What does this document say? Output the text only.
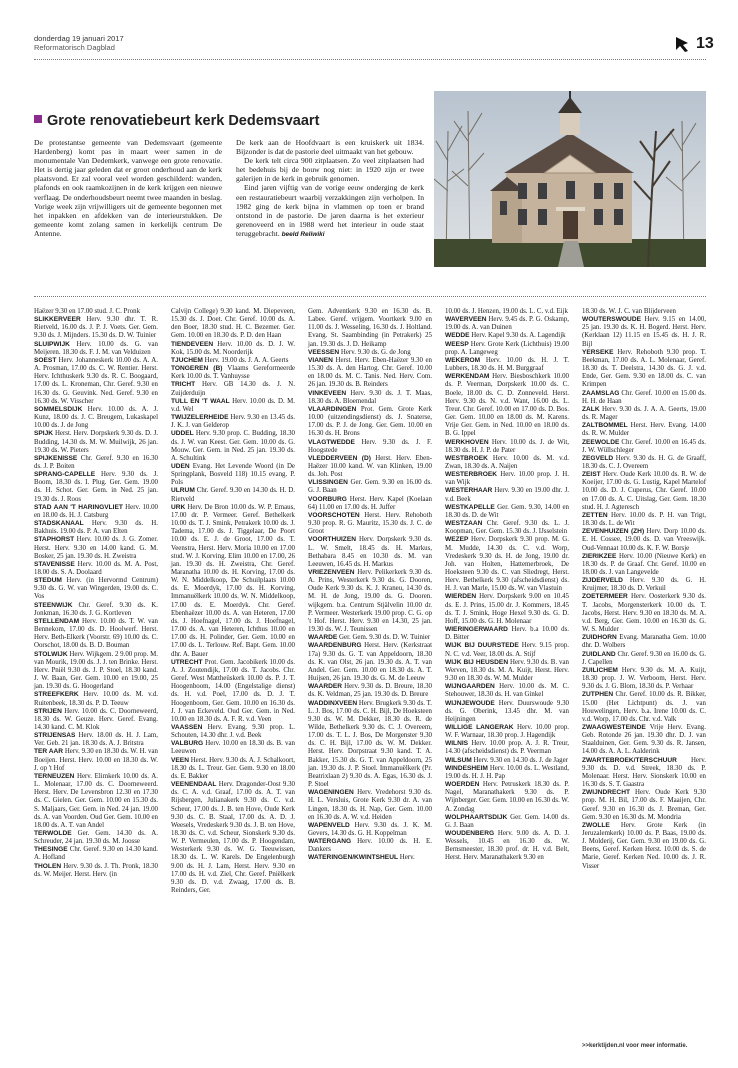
donderdag 19 januari 2017
Reformatorisch Dagblad	13
Grote renovatiebeurt kerk Dedemsvaart

De protestantse gemeente van Dedemsvaart (gemeente Hardenberg) komt pas in maart weer samen in de monumentale Van Dedemkerk, vanwege een grote renovatie. Het is dertig jaar geleden dat er groot onderhoud aan de kerk plaatsvond. Er zal vooral veel worden geschilderd: wanden, plafonds en ook raamkozijnen in de kerk krijgen een nieuwe verflaag. De onderhoudsbeurt neemt twee maanden in beslag. Vorige week zijn vrijwilligers uit de gemeente begonnen met het inpakken en afdekken van de interieurstukken. De gemeente komt zolang samen in kerkelijk centrum De Antenne.

De kerk aan de Hoofdvaart is een kruiskerk uit 1834. Bijzonder is dat de pastorie deel uitmaakt van het gebouw.

De kerk telt circa 900 zitplaatsen. Zo veel zitplaatsen had het bedehuis bij de bouw nog niet: in 1920 zijn er twee galerijen in de kerk in gebruik genomen.

Eind jaren vijftig van de vorige eeuw onderging de kerk een restauratiebeurt waarbij verzakkingen zijn verholpen. In 1982 ging de kerk bijna in vlammen op toen er brand ontstond in de pastorie. De jaren daarna is het exterieur gerenoveerd en in 1988 werd het interieur in oude staat teruggebracht. beeld Reliwiki

Haëzer 9.30 en 17.00 stud. J. C. Pronk

SLIKKERVEER Herv. 9.30 dhr. T. R. Rietveld, 16.00 ds. J. P. J. Voets. Ger. Gem. 9.30 ds. J. Mijnders. 15.30 ds. D. W. Tuinier

SLUIPWIJK Herv. 10.00 ds. G. van Meijeren. 18.30 ds. F. J. M. van Velduizen

SOEST Herv. Johanneskerk 10.00 ds. A. A. A. Prosman, 17.00 ds. C. W. Rentier. Herst. Herv. Ichthuskerk 9.30 ds. R. C. Boogaard, 17.00 ds. L. Kroneman, Chr. Geref. 9.30 en 16.30 ds. G. Geuvink. Ned. Geref. 9.30 en 16.30 ds. W. Visscher

SOMMELSDIJK Herv. 10.00 ds. A. J. Kunz, 18.00 ds. J. C. Breugem, Lukaskapel 10.00 ds. J. de Jong

SPIJK Herst. Herv. Dorpskerk 9.30 ds. D. J. Budding, 14.30 ds. M. W. Muilwijk, 26 jan. 19.30 ds. W. Pieters

SPIJKENISSE Chr. Geref. 9.30 en 16.30 ds. J. P. Boiten

SPRANG-CAPELLE Herv. 9.30 ds. J. Boom, 18.30 ds. I. Plug. Ger. Gem. 19.00 ds. H. Schot. Ger. Gem. in Ned. 25 jan. 19.30 ds. J. Roos

STAD AAN 'T HARINGVLIET Herv. 10.00 en 18.00 ds. H. J. Catsburg

STADSKANAAL Herv. 9.30 ds. H. Bakhuis. 19.00 ds. P. A. van Elten

STAPHORST Herv. 10.00 ds. J. G. Zomer. Herst. Herv. 9.30 en 14.00 kand. G. M. Bosker, 25 jan. 19.30 ds. H. Zweistra

STAVENISSE Herv. 10.00 ds. M. A. Post, 18.00 ds. S. A. Doolaard

STEDUM Herv. (in Hervormd Centrum) 9.30 ds. G. W. van Wingerden, 19.00 ds. C. Vos

STEENWIJK Chr. Geref. 9.30 ds. K. Jonkman, 16.30 ds. J. G. Kortleven

STELLENDAM Herv. 10.00 ds. T. W. van Bennekom, 17.00 ds. D. Hoolwerf. Herst. Herv. Beth-Elkerk (Voorstr. 69) 10.00 ds. C. Oorschot, 18.00 ds. B. D. Bouman

STOLWIJK Herv. Wijkgem. 2 9.00 prop. M. van Mourik, 19.00 ds. J. J. ten Brinke. Herst. Herv. Pniël 9.30 ds. J. P. Stoel, 18.30 kand. J. W. Baan, Ger. Gem. 10.00 en 19.00, 25 jan. 19.30 ds. G. Hoogerland

STREEFKERK Herv. 10.00 ds. M. v.d. Ruitenbeek, 18.30 ds. P. D. Teeuw

STRIJEN Herv. 10.00 ds. C. Doorneweerd, 18.30 ds. W. Geuze. Herv. Geref. Evang. 14.30 kand. C. M. Klok

STRIJENSAS Herv. 18.00 ds. H. J. Lam, Ver. Geb. 21 jan. 18.30 ds. A. J. Britstra

TER AAR Herv. 9.30 en 18.30 ds. W. H. van Boeijen. Herst. Herv. 10.00 en 18.30 ds. W. J. op 't Hof

TERNEUZEN Herv. Elimkerk 10.00 ds. A. L. Molenaar, 17.00 ds. C. Doorneweerd. Herst. Herv. De Levensbron 12.30 en 17.30 ds. C. Gielen. Ger. Gem. 10.00 en 15.30 ds. S. Maljaars, Ger. Gem. in Ned. 24 jan. 19.00 ds. A. van Voorden. Oud Ger. Gem. 10.00 en 18.00 ds. A. T. van Andel

TERWOLDE Ger. Gem. 14.30 ds. A. Schreuder, 24 jan. 19.30 ds. M. Joosse

THESINGE Chr. Geref. 9.30 en 14.30 kand. A. Hofland

THOLEN Herv. 9.30 ds. J. Th. Pronk, 18.30 ds. W. Meijer. Herst. Herv. (in

Calvijn College) 9.30 kand. M. Diepeveen, 15.30 ds. J. Doet. Chr. Geref. 10.00 ds. A. den Boer, 18.30 stud. H. C. Bezemer. Ger. Gem. 10.00 en 18.30 ds. P. D. den Haan

TIENDEVEEN Herv. 10.00 ds. D. J. W. Kok, 15.00 ds. M. Noorderijk

TJUCHEM Herv. 19.00 ds. J. A. A. Geerts

TONGEREN (B) Vlaams Gereformeerde Kerk 10.00 ds. T. Vanhuysse

TRICHT Herv. GB 14.30 ds. J. N. Zuijderduijn

TULL EN 'T WAAL Herv. 10.00 ds. D. M. v.d. Wel

TWIJZELERHEIDE Herv. 9.30 en 13.45 ds. J. K. J. van Gelderop

UDDEL Herv. 9.30 prop. C. Budding, 18.30 ds. J. W. van Keest. Ger. Gem. 10.00 ds. G. Mouw. Ger. Gem. in Ned. 25 jan. 19.30 ds. A. Schultink

UDEN Evang. Het Levende Woord (in De Springplank, Bosveld 118) 10.15 evang. P. Pols

ULRUM Chr. Geref. 9.30 en 14.30 ds. H. D. Rietveld

URK Herv. De Bron 10.00 ds. W. P. Emaus, 17.00 dr. P. Vermeer. Geref. Bethelkerk 10.00 ds. T. J. Smink, Petrakerk 10.00 ds. J. Tadema, 17.00 ds. J. Tiggelaar, De Poort 10.00 ds. E. J. de Groot, 17.00 ds. T. Veenstra, Herst. Herv. Moria 10.00 en 17.00 stud. W. J. Korving. Elim 10.00 en 17.00, 26 jan. 19.30 ds. H. Zweistra, Chr. Geref. Maranatha 10.00 ds. H. Korving, 17.00 ds. W. N. Middelkoop, De Schuilplaats 10.00 ds. E. Moerdyk, 17.00 ds. H. Korving, Immanuëlkerk 10.00 ds. W. N. Middelkoop, 17.00 ds. E. Moerdyk. Chr. Geref. Ebenhaëzer 10.00 ds. A. van Heteren, 17.00 ds. J. Hoefnagel, 17.00 ds. J. Hoefnagel, 17.00 ds. A. van Heteren, Ichthus 10.00 en 17.00 ds. H. Polinder, Ger. Gem. 10.00 en 17.00 ds. L. Terlouw. Ref. Bapt. Gem. 10.00 dhr. A. Bauer

UTRECHT Prot. Gem. Jacobikerk 10.00 ds. A. J. Zoutendijk, 17.00 ds. T. Jacobs. Chr. Geref. West Mattheüskerk 10.00 ds. P. J. T. Hoogenboom, 14.00 (Engelstalige dienst) ds. H. v.d. Poel, 17.00 ds. D. J. T. Hoogenboom, Ger. Gem. 10.00 en 16.30 ds. J. J. van Eckeveld. Oud Ger. Gem. in Ned. 10.00 en 18.30 ds. A. F. R. v.d. Veen

VAASSEN Herv. Evang. 9.30 prop. L. Schouten, 14.30 dhr. J. v.d. Beek

VALBURG Herv. 10.00 en 18.30 ds. B. van Leeuwen

VEEN Herst. Herv. 9.30 ds. A. J. Schalkoort, 18.30 ds. L. Treur. Ger. Gem. 9.30 en 18.00 ds. E. Bakker

VEENENDAAL Herv. Dragonder-Oost 9.30 ds. C. A. v.d. Graaf, 17.00 ds. A. T. van Rijsbergen, Julianakerk 9.30 ds. C. v.d. Scheur, 17.00 ds. J. B. ten Hove, Oude Kerk 9.30 ds. C. B. Staal, 17.00 ds. A. D. J. Weesels, Vredeskerk 9.30 ds. J. B. ten Hove, 18.30 ds. C. v.d. Scheur, Sionskerk 9.30 ds. W. P. Vermeulen, 17.00 ds. P. Hoogendam, Westerkerk 9.30 ds. W. G. Teeuwissen, 18.30 ds. L. W. Karels. De Engelenburgh 9.00 ds. H. J. Lam, Herst. Herv. 9.30 en 17.00 ds. H. v.d. Ziel, Chr. Geref. Pniëlkerk 9.30 ds. D. v.d. Zwaag, 17.00 ds. B. Reinders, Ger.

Gem. Adventkerk 9.30 en 16.30 ds. B. Labee. Geref. vrijgem. Voortkerk 9.00 en 11.00 ds. J. Wesseling, 16.30 ds. J. Holtland. Evang. St. Saambinding (in Petrakerk) 25 jan. 19.30 ds. J. D. Heikamp

VEESSEN Herv. 9.30 ds. G. de Jong

VIANEN Herst. Herv. Eben-Haëzer 9.30 en 15.30 ds. A. den Hartog. Chr. Geref. 10.00 en 18.00 ds. M. C. Tanis. Ned. Herv. Com. 26 jan. 19.30 ds. B. Reinders

VINKEVEEN Herv. 9.30 ds. J. T. Maas, 18.30 ds. A. Bloemendal

VLAARDINGEN Prot. Gem. Grote Kerk 10.00 (uitzendingsdienst) ds. J. Snaterse, 17.00 ds. P. J. de Jong. Ger. Gem. 10.00 en 16.30 ds. H. Brons

VLAGTWEDDE Herv. 9.30 ds. J. F. Hoogstede

VLEDDERVEEN (D) Herst. Herv. Eben-Haëzer 10.00 kand. W. van Klinken, 19.00 ds. Joh. Post

VLISSINGEN Ger. Gem. 9.30 en 16.00 ds. G. J. Baan

VOORBURG Herst. Herv. Kapel (Koelaan 64) 11.00 en 17.00 ds. H. Juffer

VOORSCHOTEN Herst. Herv. Rehoboth 9.30 prop. R. G. Mauritz, 15.30 ds. J. C. de Groot

VOORTHUIZEN Herv. Dorpskerk 9.30 ds. L. W. Smelt, 18.45 ds. H. Markus, Bethabara 8.45 en 10.30 ds. M. van Leeuwen, 16.45 ds. H. Markus

VRIEZENVEEN Herv. Pelikerkerk 9.30 ds. A. Prins, Westerkerk 9.30 ds. G. Dooren, Oude Kerk 9.30 ds. K. J. Kraneu, 14.30 ds. M. H. de Jong, 19.00 ds. G. Dooren. wijkgem. b.a. Centrum Stjälvelin 10.00 dr. P. Vermeer. Westerkerk 19.00 prop. C. G. op 't Hof. Herst. Herv. 9.30 en 14.30, 25 jan. 19.30 ds. W. J. Teunissen

WAARDE Ger. Gem. 9.30 ds. D. W. Tuinier

WAARDENBURG Herst. Herv. (Kerkstraat 17a) 9.30 ds. G. T. van Appeldoorn, 18.30 ds. K. van Olst, 26 jan. 19.30 ds. A. T. van Andel. Ger. Gem. 10.00 en 18.30 ds. A. T. Huijsen, 26 jan. 19.30 ds. G. M. de Leeuw

WAARDER Herv. 9.30 ds. D. Breure, 18.30 ds. K. Veldman, 25 jan. 19.30 ds. D. Breure

WADDINXVEEN Herv. Brugkerk 9.30 ds. T. L. J. Bos, 17.00 ds. C. H. Bijl, De Hoeksteen 9.30 ds. W. M. Dekker, 18.30 ds. R. de Wilde, Bethelkerk 9.30 ds. C. J. Overeem, 17.00 ds. T. L. J. Bos, De Morgenster 9.30 ds. C. H. Bijl, 17.00 ds. W. M. Dekker. Herst. Herv. Dorpstraat 9.30 kand. T. A. Bakker, 15.30 ds. G. T. van Appeldoorn, 25 jan. 19.30 ds. J. P. Stoel. Immanuëlkerk (Pr. Beatrixlaan 2) 9.30 ds. A. Egas, 16.30 ds. J. P. Stoel

WAGENINGEN Herv. Vredehorst 9.30 ds. H. L. Versluis, Grote Kerk 9.30 dr. A. van Lingen, 18.30 ds. H. Nap, Ger. Gem. 10.00 en 16.30 ds. A. W. v.d. Heiden

WAPENVELD Herv. 9.30 ds. J. K. M. Gevers, 14.30 ds. G. H. Koppelman

WATERGANG Herv. 10.00 ds. H. E. Dankers

WATERINGEN/KWINTSHEUL Herv.

10.00 ds. J. Henzen, 19.00 ds. L. C. v.d. Eijk

WAVERVEEN Herv. 9.45 ds. P. G. Oskamp, 19.00 ds. A. van Duinen

WEDDE Herv. Kapel 9.30 ds. A. Lagendijk

WEESP Herv. Grote Kerk (Lichthuis) 19.00 prop. A. Langeweg

WEKEROM Herv. 10.00 ds. H. J. T. Lubbers, 18.30 ds. H. M. Burggraaf

WERKENDAM Herv. Biesboschkerk 10.00 ds. P. Veerman, Dorpskerk 10.00 ds. C. Boele, 18.00 ds. C. D. Zonneveld. Herst. Herv. 9.30 ds. N. v.d. Want, 16.00 ds. L. Treur. Chr. Geref. 10.00 en 17.00 ds. D. Bos. Ger. Gem. 10.00 en 18.00 ds. M. Karens. Vrije Ger. Gem. in Ned. 10.00 en 18.00 ds. B. G. Ippel

WERKHOVEN Herv. 10.00 ds. J. de Wit, 18.30 ds. H. J. P. de Pater

WESTBROEK Herv. 10.00 ds. M. v.d. Zwan, 18.30 ds. A. Naijen

WESTERBROEK Herv. 10.00 prop. J. H. van Wijk

WESTERHAAR Herv. 9.30 en 19.00 dhr. J. v.d. Beek

WESTKAPELLE Ger. Gem. 9.30, 14.00 en 18.30 ds. D. de Wit

WESTZAAN Chr. Geref. 9.30 ds. L. J. Koopman, Ger. Gem. 15.30 ds. J. IJsselstein

WEZEP Herv. Dorpskerk 9.30 prop. M. G. M. Mudde, 14.30 ds. C. v.d. Worp, Vredeskerk 9.30 ds. H. de Jong, 19.00 dr. Joh. van Holten, Hattemerbroek, De Hoeksteen 9.30 ds. C. van Sliedregt, Herst. Herv. Bethelkerk 9.30 (afscheidsdienst) ds. H. J. van Marle, 15.00 ds. W. van Vlastuin

WIERDEN Herv. Dorpskerk 9.00 en 10.45 ds. E. J. Prins, 15.00 dr. J. Kommers, 18.45 ds. T. J. Smink, Hoge Hexel 9.30 ds. G. D. Hoff, 15.00 ds. G. H. Molenaar

WIERINGERWAARD Herv. b.a 10.00 ds. D. Bitter

WIJK BIJ DUURSTEDE Herv. 9.15 prop. N. C. v.d. Veer, 18.00 ds. A. Stijf

WIJK BIJ HEUSDEN Herv. 9.30 ds. B. van Werven, 18.30 ds. M. A. Kuijt, Herst. Herv. 9.30 en 18.30 ds. W. M. Mulder

WIJNGAARDEN Herv. 10.00 ds. M. C. Stehouwer, 18.30 ds. H. van Ginkel

WIJNJEWOUDE Herv. Duurswoude 9.30 ds. G. Oberink, 13.45 dhr. M. van Heijningen

WILLIGE LANGERAK Herv. 10.00 prop. W. F. Warnaar, 18.30 prop. J. Hagendijk

WILNIS Herv. 10.00 prop. A. J. R. Treur, 14.30 (afscheidsdienst) ds. P. Veerman

WILSUM Herv. 9.30 en 14.30 ds. J. de Jager

WINDESHEIM Herv. 10.00 ds. L. Westland, 19.00 ds. H. J. H. Pap

WOERDEN Herv. Petruskerk 18.30 ds. P. Nagel, Maranathakerk 9.30 ds. P. Wijnberger. Ger. Gem. 10.00 en 16.30 ds. W. A. Zondag

WOLPHAARTSDIJK Ger. Gem. 14.00 ds. G. J. Baan

WOUDENBERG Herv. 9.00 ds. A. D. J. Wessels, 10.45 en 16.30 ds. W. Bernsmeester, 18.30 prof. dr. H. v.d. Belt, Herst. Herv. Maranathakerk 9.30 en

18.30 ds. W. J. C. van Blijderveen

WOUTERSWOUDE Herv. 9.15 en 14.00, 25 jan. 19.30 ds. K. H. Bogerd. Herst. Herv. (Kerklaan 12) 11.15 en 15.45 ds. H. J. R. Bijl

YERSEKE Herv. Rehoboth 9.30 prop. T. Beekman, 17.00 ds. A. L. Molenaar, Geref. 18.30 ds. T. Deelstra, 14.30 ds. G. J. v.d. Ende, Ger. Gem. 9.30 en 18.00 ds. C. van Krimpen

ZAAMSLAG Chr. Geref. 10.00 en 15.00 ds. H. H. de Haan

ZALK Herv. 9.30 ds. J. A. A. Geerts, 19.00 ds. R. Mager

ZALTBOMMEL Herst. Herv. Evang. 14.00 ds. R. W. Mulder

ZEEWOLDE Chr. Geref. 10.00 en 16.45 ds. J. W. Wüllschleger

ZEGVELD Herv. 9.30 ds. H. G. de Graaff, 18.30 ds. C. J. Overeem

ZEIST Herv. Oude Kerk 10.00 ds. R. W. de Koeijer, 17.00 ds. G. Lustig, Kapel Martelof 10.00 ds. D. J. Cuperus, Chr. Geref. 10.00 en 17.00 ds. A. C. Uitslag, Ger. Gem. 18.30 stud. H. J. Agteresch

ZETTEN Herv. 10.00 ds. P. H. van Trigt, 18.30 ds. L. de Wit

ZEVENHUIZEN (ZH) Herv. Dorp 10.00 ds. E. H. Cossee, 19.00 ds. D. van Vreeswijk. Oud-Vennaat 10.00 ds. K. F. W. Borsje

ZIERIKZEE Herv. 10.00 (Nieuwe Kerk) en 18.30 ds. P. de Graaf. Chr. Geref. 10.00 en 18.00 ds. J. van Langevelde

ZIJDERVELD Herv. 9.30 ds. G. H. Kruijmer, 18.30 ds. D. Verkuil

ZOETERMEER Herv. Oosterkerk 9.30 ds. T. Jacobs, Morgensterkerk 10.00 ds. T. Jacobs, Herst. Herv. 9.30 en 18.30 ds. M. A. v.d. Berg, Ger. Gem. 10.00 en 16.30 ds. G. W. S. Mulder

ZUIDHORN Evang. Maranatha Gem. 10.00 dhr. D. Wolbers

ZUIDLAND Chr. Geref. 9.30 en 16.00 ds. G. J. Capellen

ZUILICHEM Herv. 9.30 ds. M. A. Kuijt, 18.30 prop. J. W. Verboom, Herst. Herv. 9.30 ds. J. G. Blom, 18.30 ds. P. Verhaar

ZUTPHEN Chr. Geref. 10.00 ds. R. Bikker, 15.00 (Het Lichtpunt) ds. J. van Houwelingen, Herv. b.a. Irene 10.00 ds. C. v.d. Worp, 17.00 ds. Chr. v.d. Valk

ZWAAGWESTEINDE Vrije Herv. Evang. Geb. Rotonde 26 jan. 19.30 dhr. D. J. van Staalduinen, Ger. Gem. 9.30 ds. R. Jansen, 14.00 ds. A. A. L. Aalderink

ZWARTEBROEK/TERSCHUUR Herv. 9.30 ds. D. v.d. Streek, 18.30 ds. P. Molenaar. Herst. Herv. Sionskerk 10.00 en 16.30 ds. S. T. Gaastra

ZWIJNDRECHT Herv. Oude Kerk 9.30 prop. M. H. Bil, 17.00 ds. F. Maaijen, Chr. Geref. 9.30 en 16.30 ds. J. Breman, Ger. Gem. 9.30 en 16.30 ds. M. Mondria

ZWOLLE Herv. Grote Kerk (in Jeruzalemkerk) 10.00 ds. P. Baas, 19.00 ds. J. Molderij, Ger. Gem. 9.30 en 19.00 ds. G. Beens, Geref. Kerken Herst. 10.00 ds. S. de Marie, Geref. Kerken Ned. 10.00 ds. J. R. Visser

>>kerktijden.nl voor meer informatie.
